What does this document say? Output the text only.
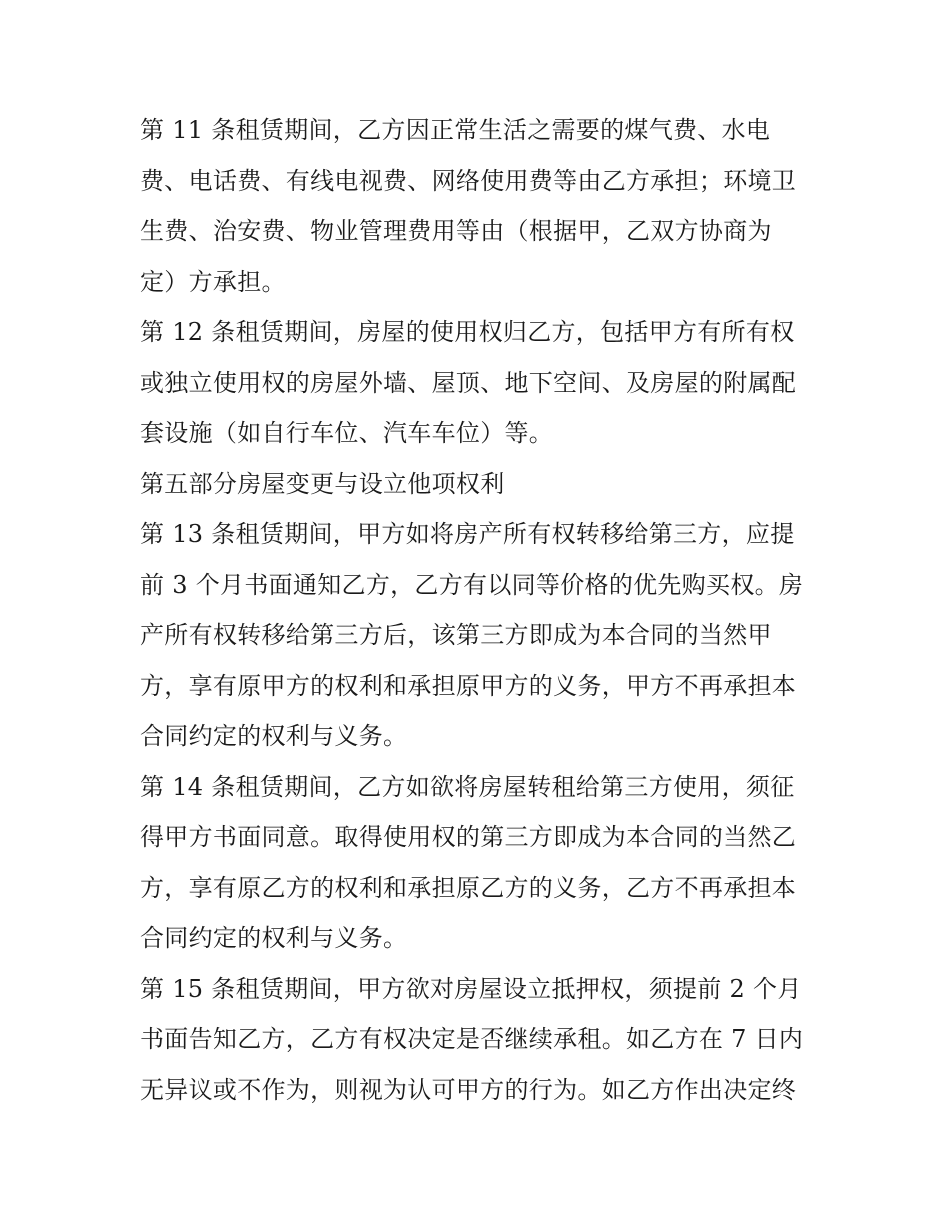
第 11 条租赁期间，乙方因正常生活之需要的煤气费、水电
费、电话费、有线电视费、网络使用费等由乙方承担；环境卫
生费、治安费、物业管理费用等由（根据甲，乙双方协商为
定）方承担。
第 12 条租赁期间，房屋的使用权归乙方，包括甲方有所有权
或独立使用权的房屋外墙、屋顶、地下空间、及房屋的附属配
套设施（如自行车位、汽车车位）等。
第五部分房屋变更与设立他项权利
第 13 条租赁期间，甲方如将房产所有权转移给第三方，应提
前 3 个月书面通知乙方，乙方有以同等价格的优先购买权。房
产所有权转移给第三方后，该第三方即成为本合同的当然甲
方，享有原甲方的权利和承担原甲方的义务，甲方不再承担本
合同约定的权利与义务。
第 14 条租赁期间，乙方如欲将房屋转租给第三方使用，须征
得甲方书面同意。取得使用权的第三方即成为本合同的当然乙
方，享有原乙方的权利和承担原乙方的义务，乙方不再承担本
合同约定的权利与义务。
第 15 条租赁期间，甲方欲对房屋设立抵押权，须提前 2 个月
书面告知乙方，乙方有权决定是否继续承租。如乙方在 7 日内
无异议或不作为，则视为认可甲方的行为。如乙方作出决定终
